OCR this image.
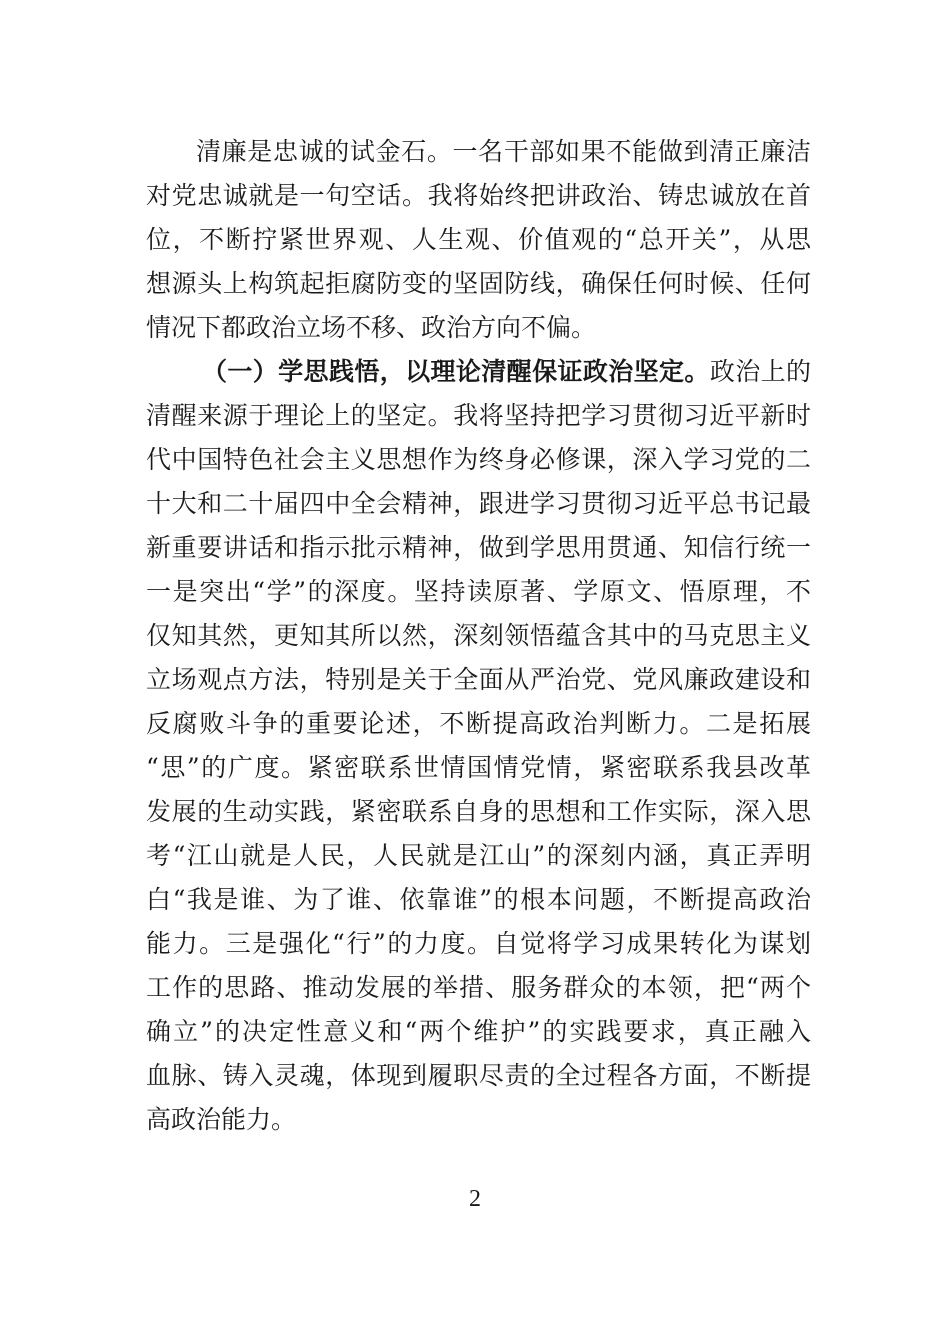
清廉是忠诚的试金石。一名干部如果不能做到清正廉洁
对党忠诚就是一句空话。我将始终把讲政治、铸忠诚放在首
位，不断拧紧世界观、人生观、价值观的“总开关”，从思
想源头上构筑起拒腐防变的坚固防线，确保任何时候、任何
情况下都政治立场不移、政治方向不偏。
（一）学思践悟，以理论清醒保证政治坚定。政治上的
清醒来源于理论上的坚定。我将坚持把学习贯彻习近平新时
代中国特色社会主义思想作为终身必修课，深入学习党的二
十大和二十届四中全会精神，跟进学习贯彻习近平总书记最
新重要讲话和指示批示精神，做到学思用贯通、知信行统一
一是突出“学”的深度。坚持读原著、学原文、悟原理，不
仅知其然，更知其所以然，深刻领悟蕴含其中的马克思主义
立场观点方法，特别是关于全面从严治党、党风廉政建设和
反腐败斗争的重要论述，不断提高政治判断力。二是拓展
“思”的广度。紧密联系世情国情党情，紧密联系我县改革
发展的生动实践，紧密联系自身的思想和工作实际，深入思
考“江山就是人民，人民就是江山”的深刻内涵，真正弄明
白“我是谁、为了谁、依靠谁”的根本问题，不断提高政治
能力。三是强化“行”的力度。自觉将学习成果转化为谋划
工作的思路、推动发展的举措、服务群众的本领，把“两个
确立”的决定性意义和“两个维护”的实践要求，真正融入
血脉、铸入灵魂，体现到履职尽责的全过程各方面，不断提
高政治能力。
2
